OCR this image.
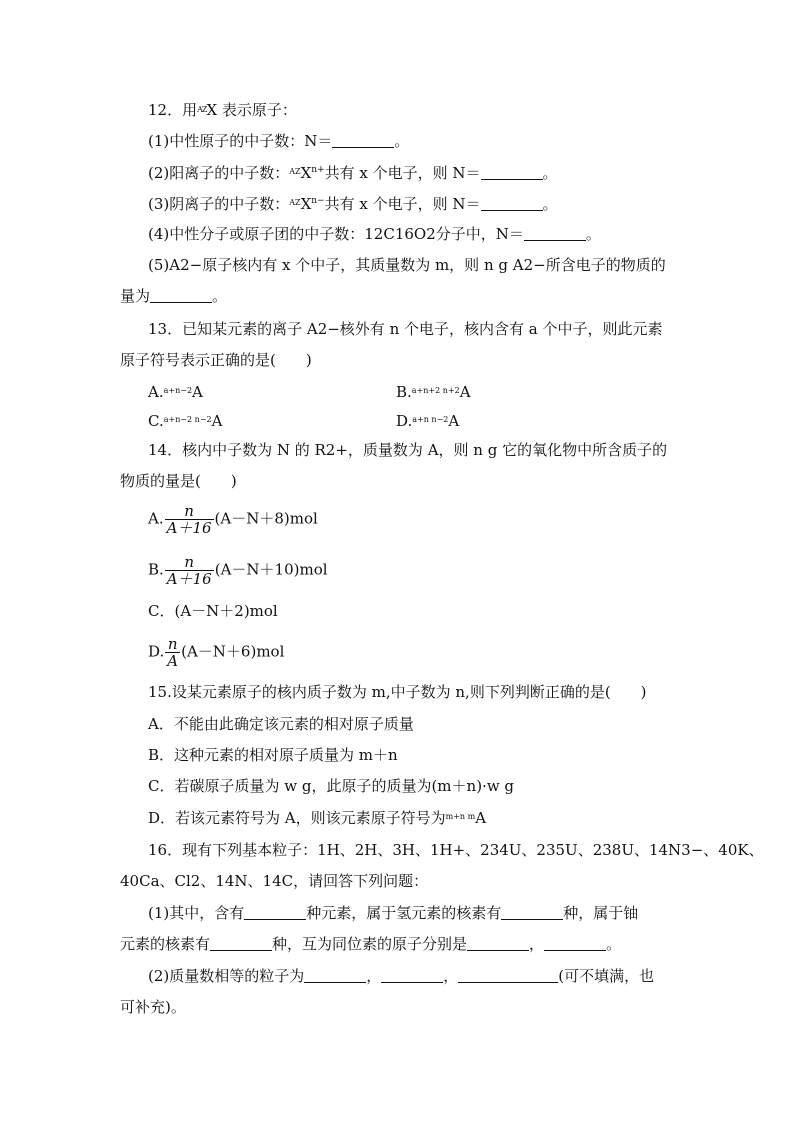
12．用AZX 表示原子：
(1)中性原子的中子数：N＝	。
(2)阳离子的中子数：$^{AZ}X^{n+}$共有 x 个电子，则 N＝	。
(3)阴离子的中子数：$^{AZ}X^{n-}$共有 x 个电子，则 N＝	。
(4)中性分子或原子团的中子数：12C16O2分子中，N＝	。
(5)A2−原子核内有 x 个中子，其质量数为 m，则 n g A2−所含电子的物质的
量为	。
13．已知某元素的离子 A2−核外有 n 个电子，核内含有 a 个中子，则此元素
原子符号表示正确的是(　　)
A.$^{a+n-2}$A	B.$^{a+n+2 n+2}$A
C.$^{a+n-2 n-2}$A	D.$^{a+n n-2}$A
14．核内中子数为 N 的 R2+，质量数为 A，则 n g 它的氧化物中所含质子的
物质的量是(　　)
A. $\frac{n}{A+16} (A-N+8)mol$
B. $\frac{n}{A+16} (A-N+10)mol$
C．(A－N＋2)mol
D. $\frac{n}{A} (A-N+6)mol$
15.设某元素原子的核内质子数为 m,中子数为 n,则下列判断正确的是(　　)
A．不能由此确定该元素的相对原子质量
B．这种元素的相对原子质量为 m＋n
C．若碳原子质量为 w g，此原子的质量为(m＋n)·w g
D．若该元素符号为 A，则该元素原子符号为$^{m+n m}$A
16．现有下列基本粒子：1H、2H、3H、1H+、234U、235U、238U、14N3−、40K、
40Ca、Cl2、14N、14C，请回答下列问题：
(1)其中，含有	种元素，属于氢元素的核素有	种，属于铀
元素的核素有	种，互为同位素的原子分别是	，	。
(2)质量数相等的粒子为	，	，	(可不填满，也
可补充)。
